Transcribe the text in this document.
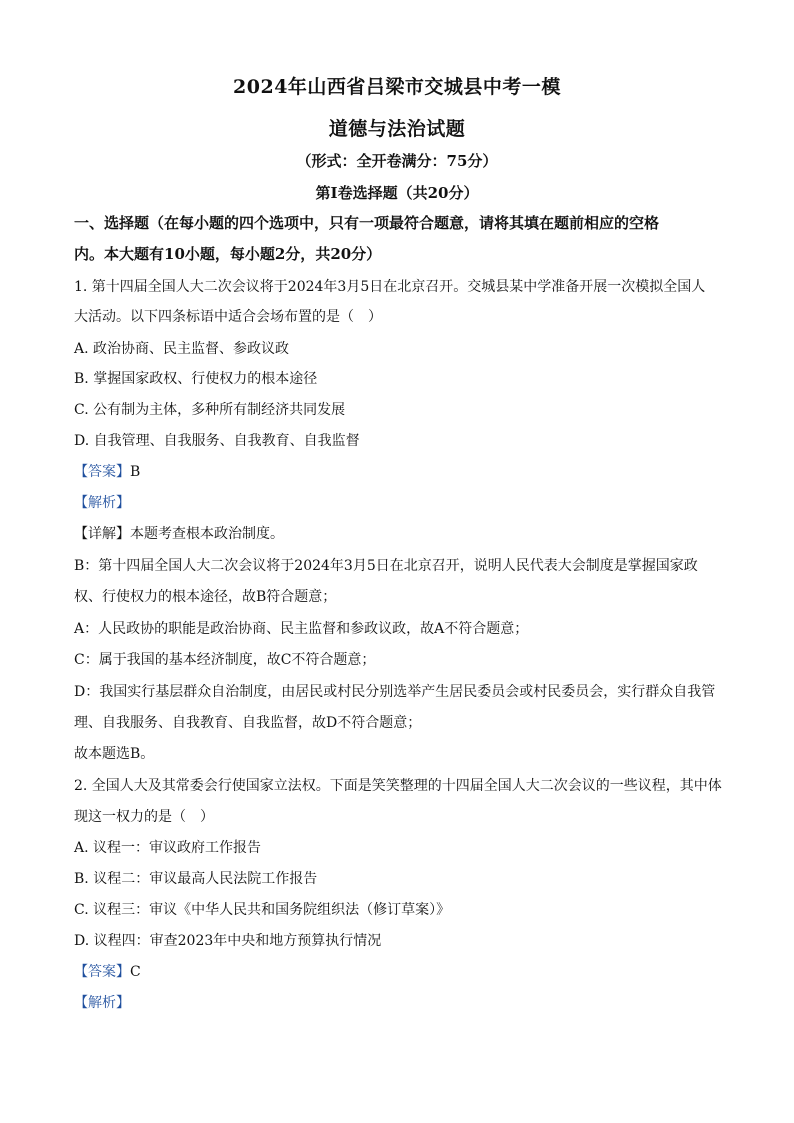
2024年山西省吕梁市交城县中考一模
道德与法治试题
（形式：全开卷满分：75分）
第Ⅰ卷选择题（共20分）
一、选择题（在每小题的四个选项中，只有一项最符合题意，请将其填在题前相应的空格
内。本大题有10小题，每小题2分，共20分）
1. 第十四届全国人大二次会议将于2024年3月5日在北京召开。交城县某中学准备开展一次模拟全国人
大活动。以下四条标语中适合会场布置的是（　）
A. 政治协商、民主监督、参政议政
B. 掌握国家政权、行使权力的根本途径
C. 公有制为主体，多种所有制经济共同发展
D. 自我管理、自我服务、自我教育、自我监督
【答案】B
【解析】
【详解】本题考查根本政治制度。
B：第十四届全国人大二次会议将于2024年3月5日在北京召开，说明人民代表大会制度是掌握国家政
权、行使权力的根本途径，故B符合题意；
A：人民政协的职能是政治协商、民主监督和参政议政，故A不符合题意；
C：属于我国的基本经济制度，故C不符合题意；
D：我国实行基层群众自治制度，由居民或村民分别选举产生居民委员会或村民委员会，实行群众自我管
理、自我服务、自我教育、自我监督，故D不符合题意；
故本题选B。
2. 全国人大及其常委会行使国家立法权。下面是笑笑整理的十四届全国人大二次会议的一些议程，其中体
现这一权力的是（　）
A. 议程一：审议政府工作报告
B. 议程二：审议最高人民法院工作报告
C. 议程三：审议《中华人民共和国务院组织法（修订草案）》
D. 议程四：审查2023年中央和地方预算执行情况
【答案】C
【解析】
